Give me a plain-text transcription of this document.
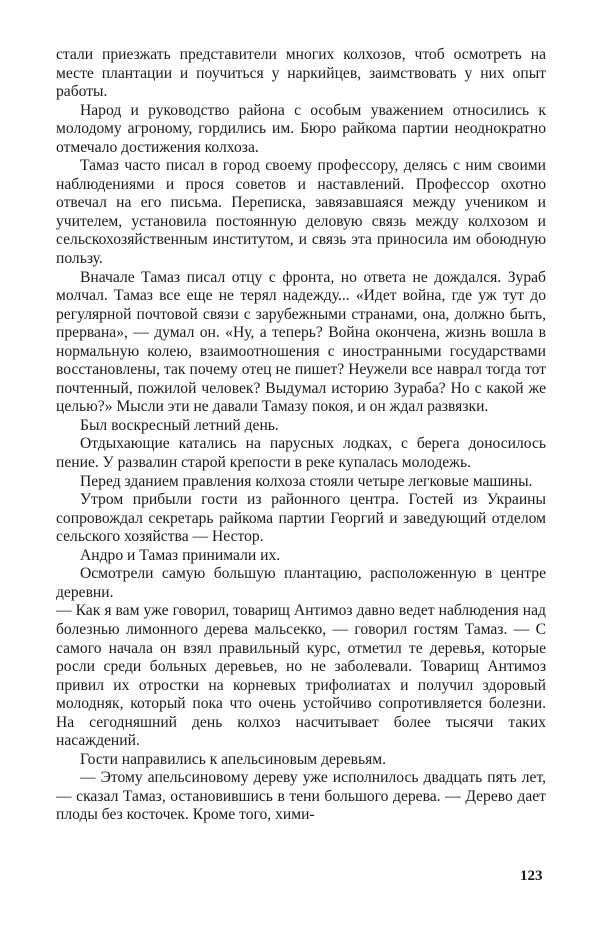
стали приезжать представители многих колхозов, чтоб осмотреть на месте плантации и поучиться у наркийцев, заимствовать у них опыт работы.

Народ и руководство района с особым уважением относились к молодому агроному, гордились им. Бюро райкома партии неоднократно отмечало достижения колхоза.

Тамаз часто писал в город своему профессору, делясь с ним своими наблюдениями и прося советов и наставлений. Профессор охотно отвечал на его письма. Переписка, завязавшаяся между учеником и учителем, установила постоянную деловую связь между колхозом и сельскохозяйственным институтом, и связь эта приносила им обоюдную пользу.

Вначале Тамаз писал отцу с фронта, но ответа не дождался. Зураб молчал. Тамаз все еще не терял надежду... «Идет война, где уж тут до регулярной почтовой связи с зарубежными странами, она, должно быть, прервана», — думал он. «Ну, а теперь? Война окончена, жизнь вошла в нормальную колею, взаимоотношения с иностранными государствами восстановлены, так почему отец не пишет? Неужели все наврал тогда тот почтенный, пожилой человек? Выдумал историю Зураба? Но с какой же целью?» Мысли эти не давали Тамазу покоя, и он ждал развязки.

Был воскресный летний день.

Отдыхающие катались на парусных лодках, с берега доносилось пение. У развалин старой крепости в реке купалась молодежь.

Перед зданием правления колхоза стояли четыре легковые машины.

Утром прибыли гости из районного центра. Гостей из Украины сопровождал секретарь райкома партии Георгий и заведующий отделом сельского хозяйства — Нестор.

Андро и Тамаз принимали их.

Осмотрели самую большую плантацию, расположенную в центре деревни.

— Как я вам уже говорил, товарищ Антимоз давно ведет наблюдения над болезнью лимонного дерева мальсекко, — говорил гостям Тамаз. — С самого начала он взял правильный курс, отметил те деревья, которые росли среди больных деревьев, но не заболевали. Товарищ Антимоз привил их отростки на корневых трифолиатах и получил здоровый молодняк, который пока что очень устойчиво сопротивляется болезни. На сегодняшний день колхоз насчитывает более тысячи таких насаждений.

Гости направились к апельсиновым деревьям.

— Этому апельсиновому дереву уже исполнилось двадцать пять лет, — сказал Тамаз, остановившись в тени большого дерева. — Дерево дает плоды без косточек. Кроме того, хими-

123
